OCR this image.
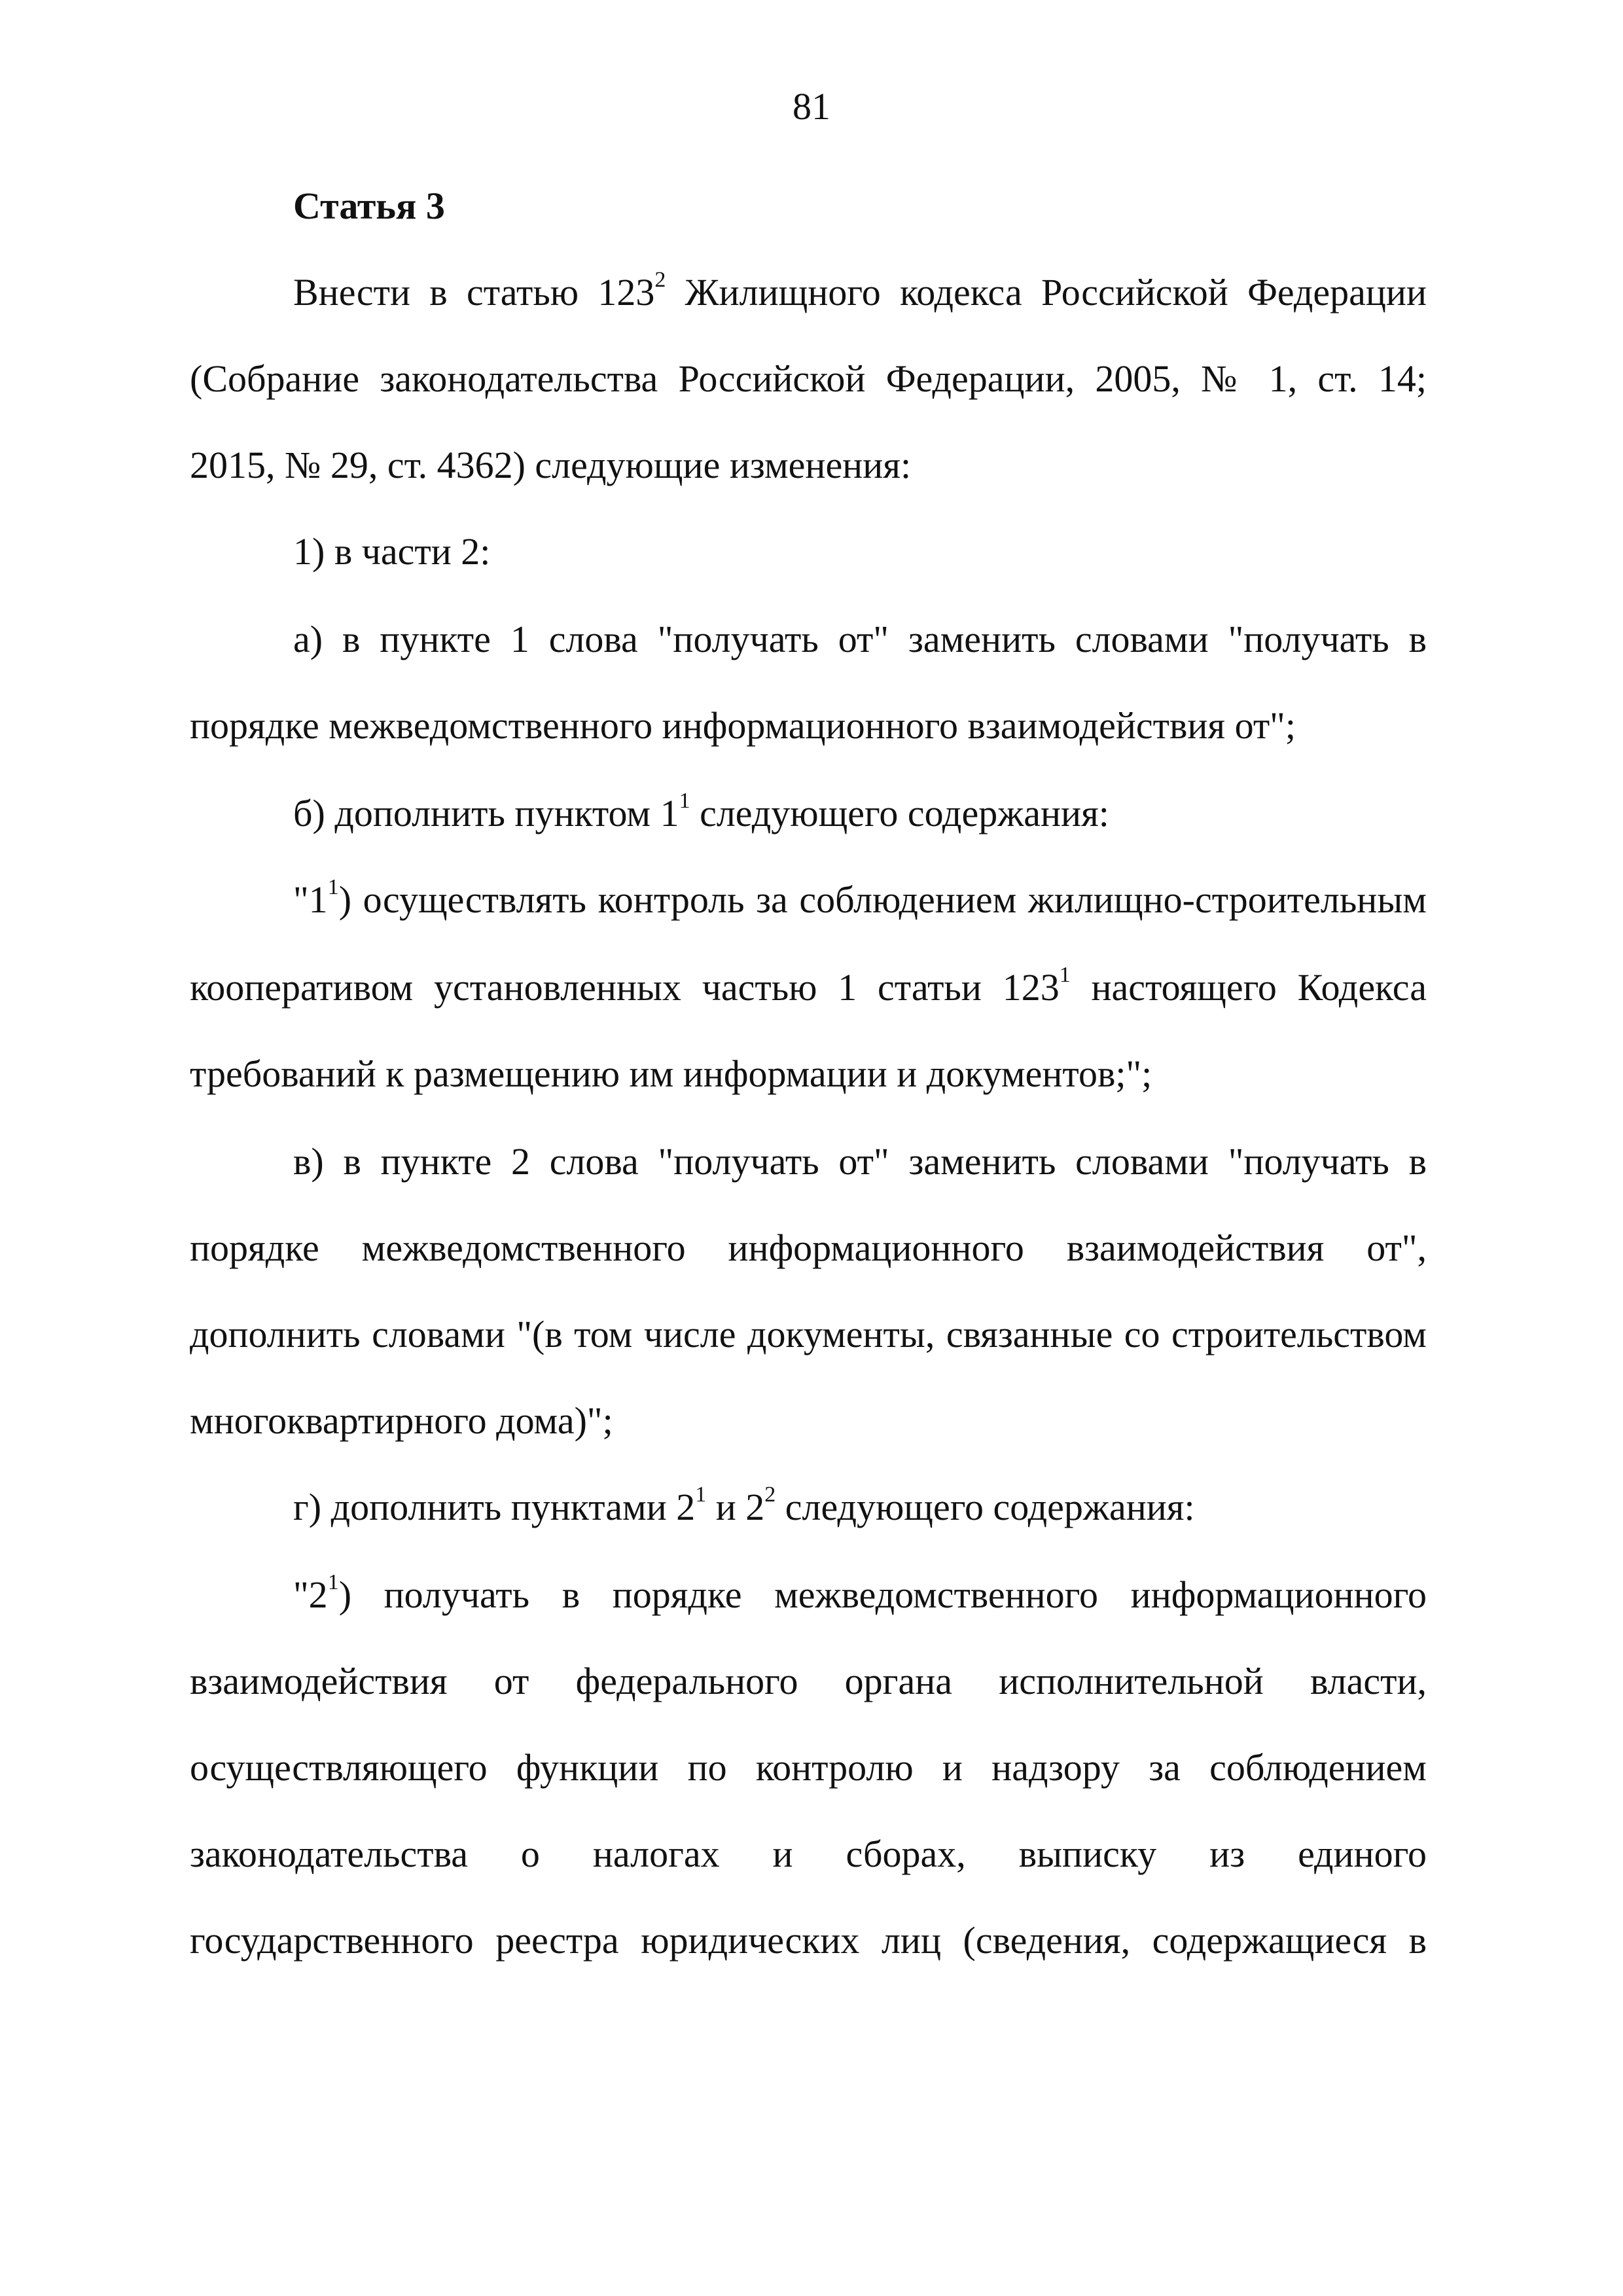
81
Статья 3
Внести в статью $123^2$ Жилищного кодекса Российской Федерации
(Собрание законодательства Российской Федерации, 2005, № 1, ст. 14;
2015, № 29, ст. 4362) следующие изменения:
1) в части 2:
а) в пункте 1 слова "получать от" заменить словами "получать в
порядке межведомственного информационного взаимодействия от";
б) дополнить пунктом $1^1$ следующего содержания:
"$1^1$) осуществлять контроль за соблюдением жилищно-строительным
кооперативом установленных частью 1 статьи $123^1$ настоящего Кодекса
требований к размещению им информации и документов;";
в) в пункте 2 слова "получать от" заменить словами "получать в
порядке межведомственного информационного взаимодействия от",
дополнить словами "(в том числе документы, связанные со строительством
многоквартирного дома)";
г) дополнить пунктами $2^1$ и $2^2$ следующего содержания:
"$2^1$) получать в порядке межведомственного информационного
взаимодействия от федерального органа исполнительной власти,
осуществляющего функции по контролю и надзору за соблюдением
законодательства о налогах и сборах, выписку из единого
государственного реестра юридических лиц (сведения, содержащиеся в
